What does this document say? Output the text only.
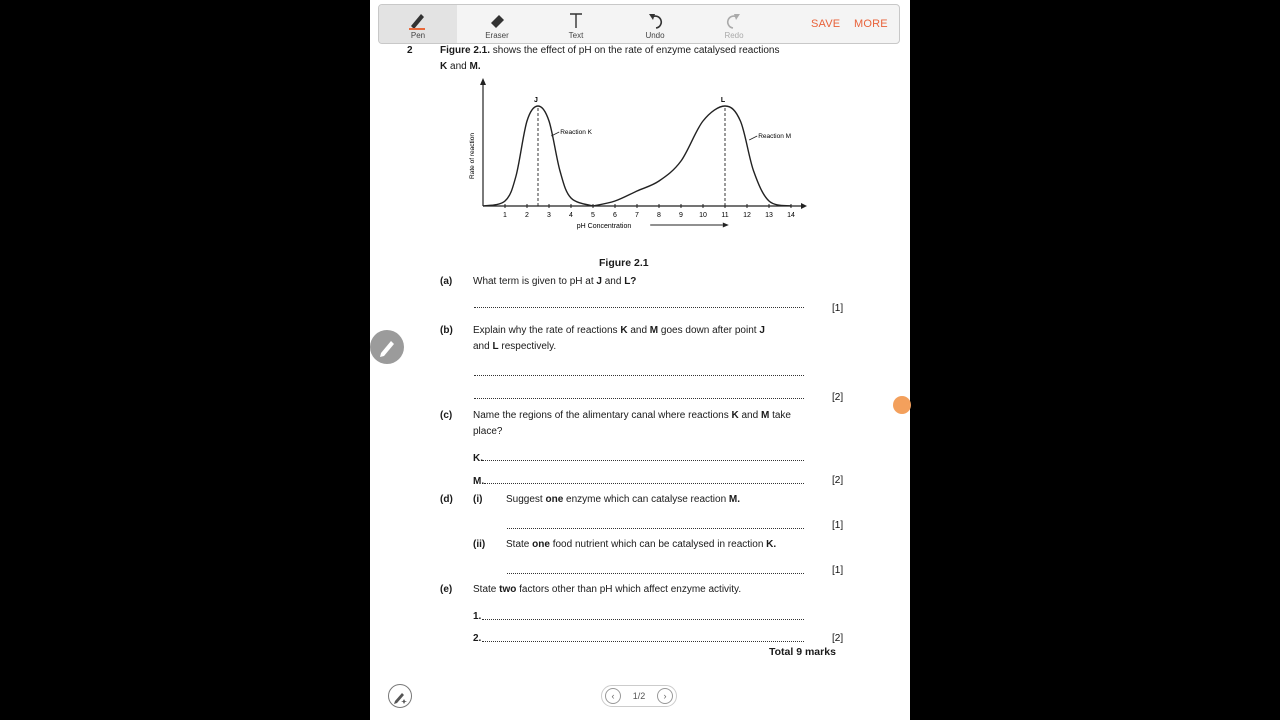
Pen	Eraser	Text	Undo	Redo
SAVE MORE
2	Figure 2.1. shows the effect of pH on the rate of enzyme catalysed reactions
K and M.
1	2	3	4	5	6	7	8	9 10 11 12 13 14
J
Reaction K
L
Reaction M
Rate of reaction
pH Concentration
Figure 2.1
(a) What term is given to pH at J and L?
[1]
(b) Explain why the rate of reactions K and M goes down after point J
and L respectively.
[2]
(c) Name the regions of the alimentary canal where reactions K and M take
place?
K.
M.	[2]
(d) (i) Suggest one enzyme which can catalyse reaction M.
[1]
(ii) State one food nutrient which can be catalysed in reaction K.
[1]
(e) State two factors other than pH which affect enzyme activity.
1.
2.	[2]
Total 9 marks
‹	1/2	›
